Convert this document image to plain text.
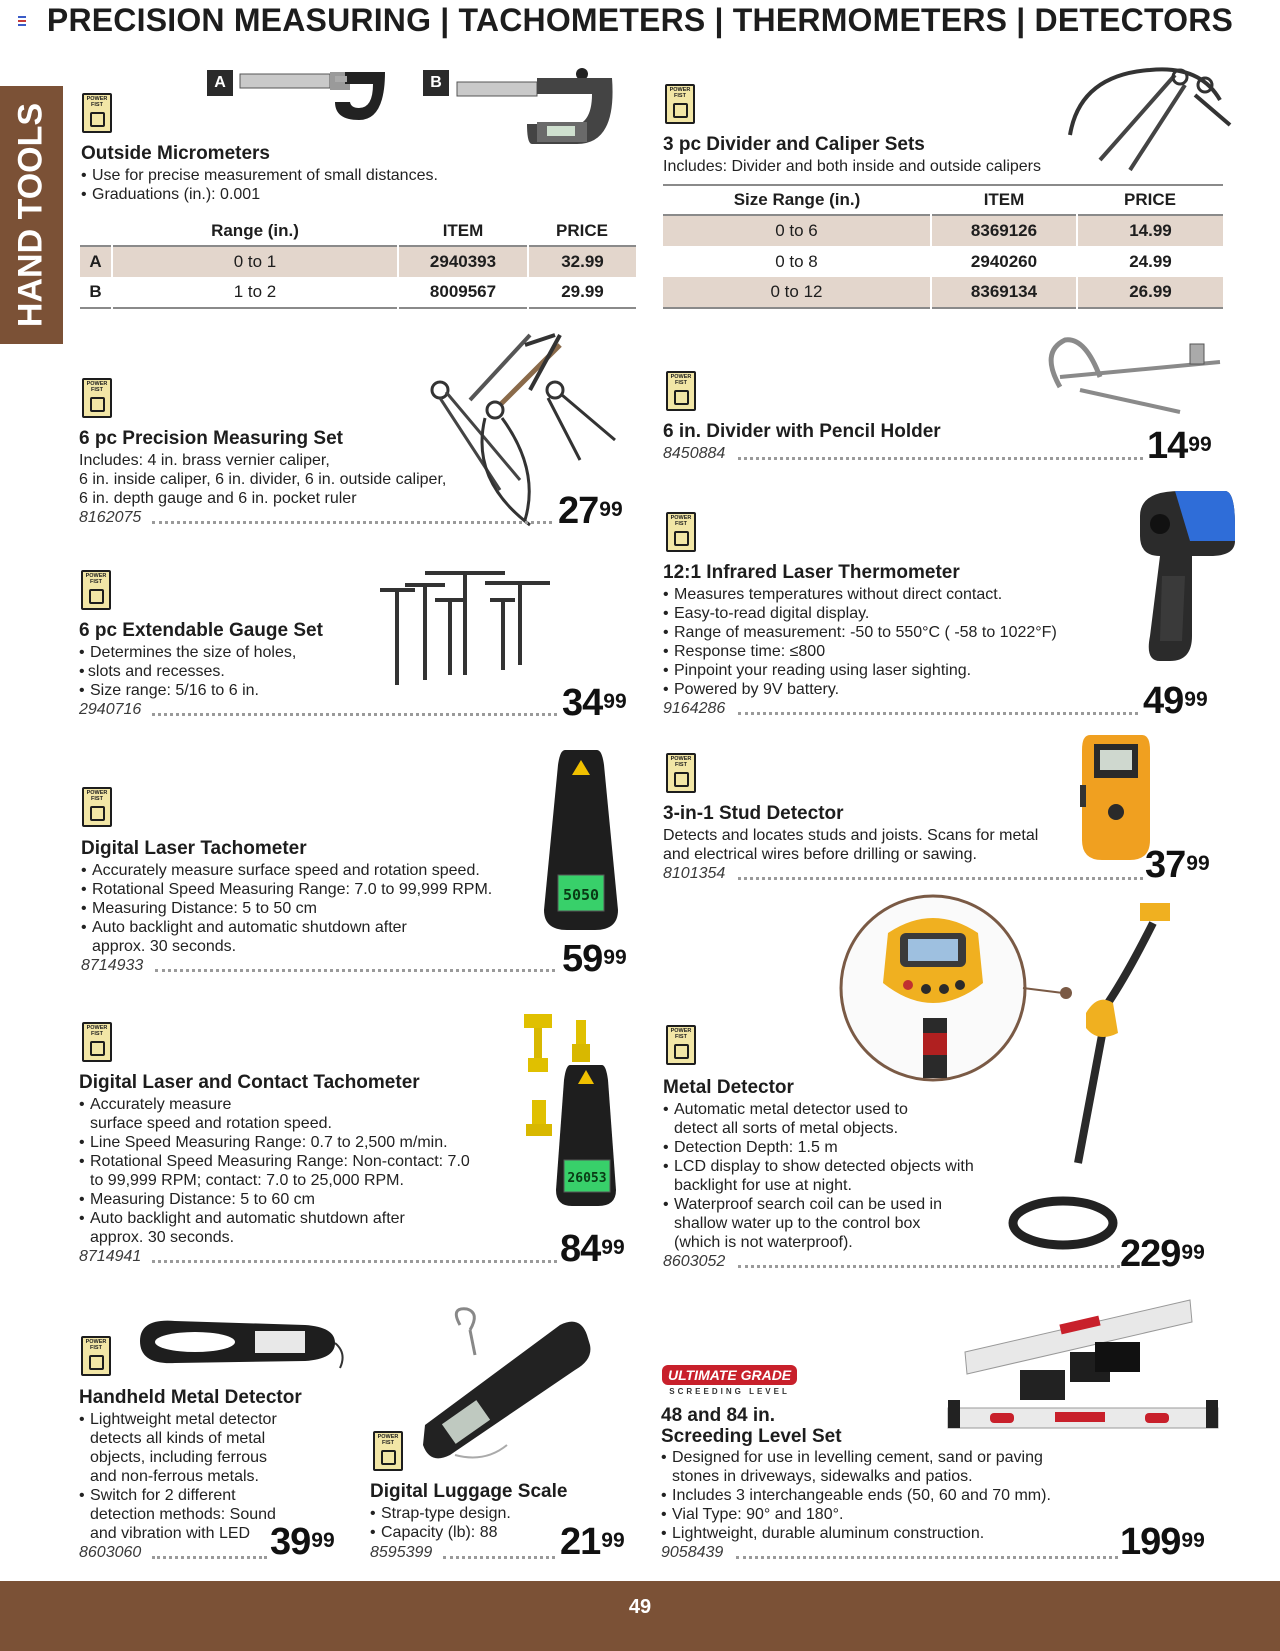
PRECISION MEASURING | TACHOMETERS | THERMOMETERS | DETECTORS
HAND TOOLS
A	B
POWER FIST
Outside Micrometers
• Use for precise measurement of small distances.
• Graduations (in.): 0.001
	Range (in.)	ITEM	PRICE
A	0 to 1	2940393	32.99
B	1 to 2	8009567	29.99
POWER FIST
3 pc Divider and Caliper Sets
Includes: Divider and both inside and outside calipers
Size Range (in.)	ITEM	PRICE
0 to 6	8369126	14.99
0 to 8	2940260	24.99
0 to 12	8369134	26.99
POWER FIST
6 pc Precision Measuring Set
Includes: 4 in. brass vernier caliper,
6 in. inside caliper, 6 in. divider, 6 in. outside caliper,
6 in. depth gauge and 6 in. pocket ruler
8162075	$27^{99}$
POWER FIST
6 in. Divider with Pencil Holder
8450884	$14^{99}$
POWER FIST
6 pc Extendable Gauge Set
• Determines the size of holes,
•   slots and recesses.
• Size range: 5/16 to 6 in.
2940716	$34^{99}$
POWER FIST
12:1 Infrared Laser Thermometer
• Measures temperatures without direct contact.
• Easy-to-read digital display.
• Range of measurement: -50 to 550°C ( -58 to 1022°F)
• Response time: ≤800
• Pinpoint your reading using laser sighting.
• Powered by 9V battery.
9164286	$49^{99}$
5050
POWER FIST
Digital Laser Tachometer
• Accurately measure surface speed and rotation speed.
• Rotational Speed Measuring Range: 7.0 to 99,999 RPM.
• Measuring Distance: 5 to 50 cm
• Auto backlight and automatic shutdown after
approx. 30 seconds.
8714933	$59^{99}$
POWER FIST
3-in-1 Stud Detector
Detects and locates studs and joists. Scans for metal
and electrical wires before drilling or sawing.
8101354	$37^{99}$
26053
POWER FIST
Digital Laser and Contact Tachometer
• Accurately measure
surface speed and rotation speed.
• Line Speed Measuring Range: 0.7 to 2,500 m/min.
• Rotational Speed Measuring Range: Non-contact: 7.0
to 99,999 RPM; contact: 7.0 to 25,000 RPM.
• Measuring Distance: 5 to 60 cm
• Auto backlight and automatic shutdown after
approx. 30 seconds.
8714941	$84^{99}$
POWER FIST
Metal Detector
• Automatic metal detector used to
detect all sorts of metal objects.
• Detection Depth: 1.5 m
• LCD display to show detected objects with
backlight for use at night.
• Waterproof search coil can be used in
shallow water up to the control box
(which is not waterproof).
8603052	$229^{99}$
POWER FIST
Handheld Metal Detector
• Lightweight metal detector
detects all kinds of metal
objects, including ferrous
and non-ferrous metals.
• Switch for 2 different
detection methods: Sound
and vibration with LED
8603060	$39^{99}$
POWER FIST
Digital Luggage Scale
• Strap-type design.
• Capacity (lb): 88
8595399	$21^{99}$
ULTIMATE GRADE
SCREEDING LEVEL
48 and 84 in.
Screeding Level Set
• Designed for use in levelling cement, sand or paving
stones in driveways, sidewalks and patios.
• Includes 3 interchangeable ends (50, 60 and 70 mm).
• Vial Type: 90° and 180°.
• Lightweight, durable aluminum construction.
9058439	$199^{99}$
49
